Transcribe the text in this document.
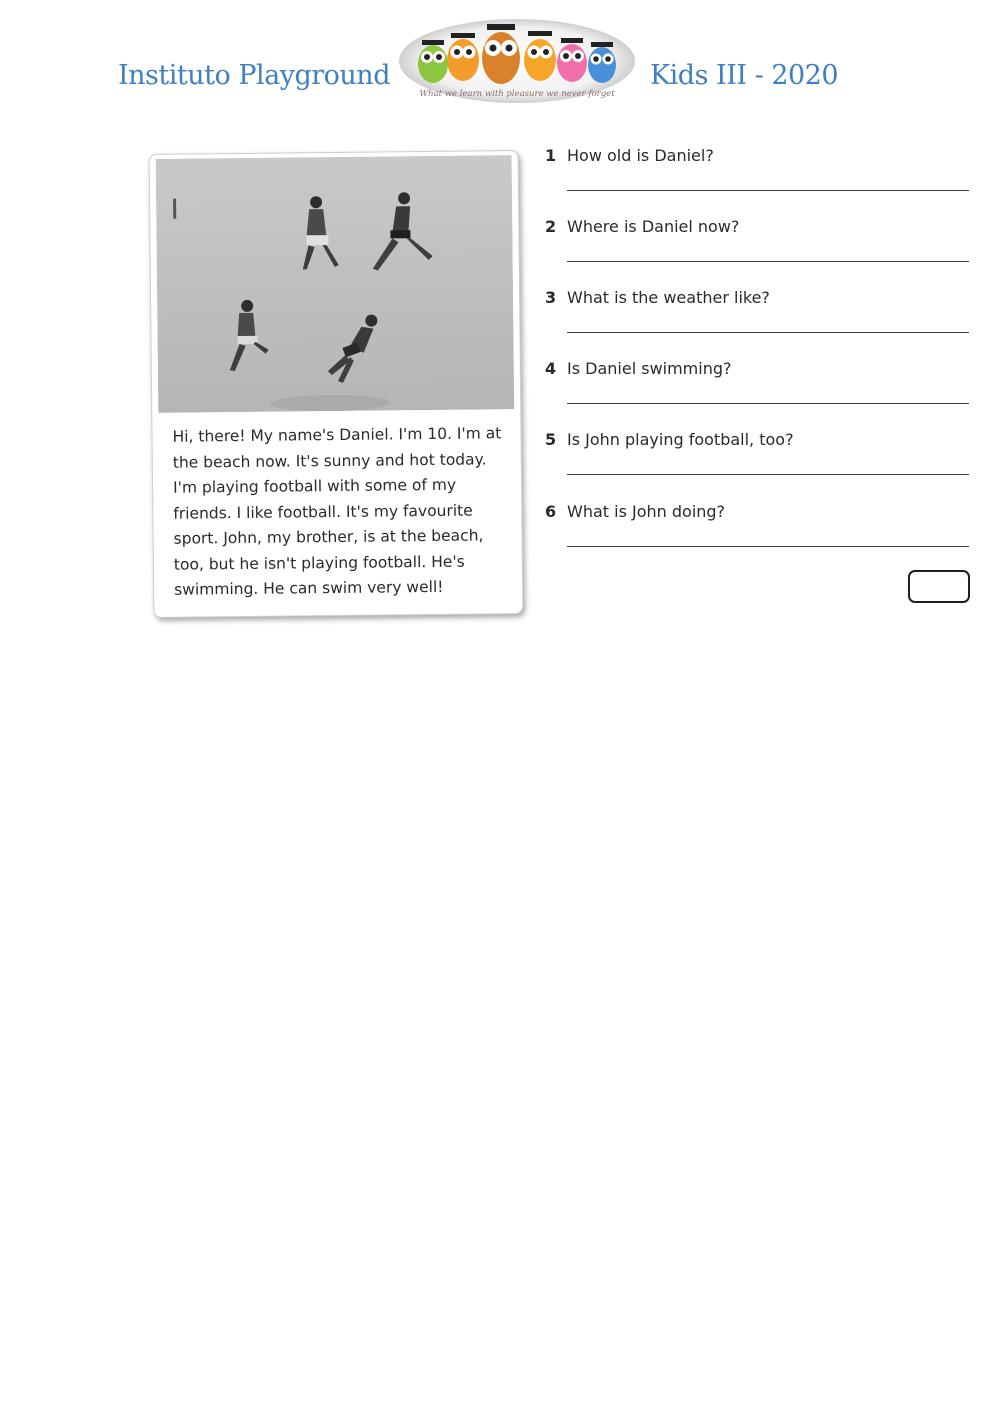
Instituto Playground
What we learn with pleasure we never forget
Kids III - 2020
Hi, there! My name's Daniel. I'm 10. I'm at the beach now. It's sunny and hot today. I'm playing football with some of my friends. I like football. It's my favourite sport. John, my brother, is at the beach, too, but he isn't playing football. He's swimming. He can swim very well!
1 How old is Daniel?
2 Where is Daniel now?
3 What is the weather like?
4 Is Daniel swimming?
5 Is John playing football, too?
6 What is John doing?
